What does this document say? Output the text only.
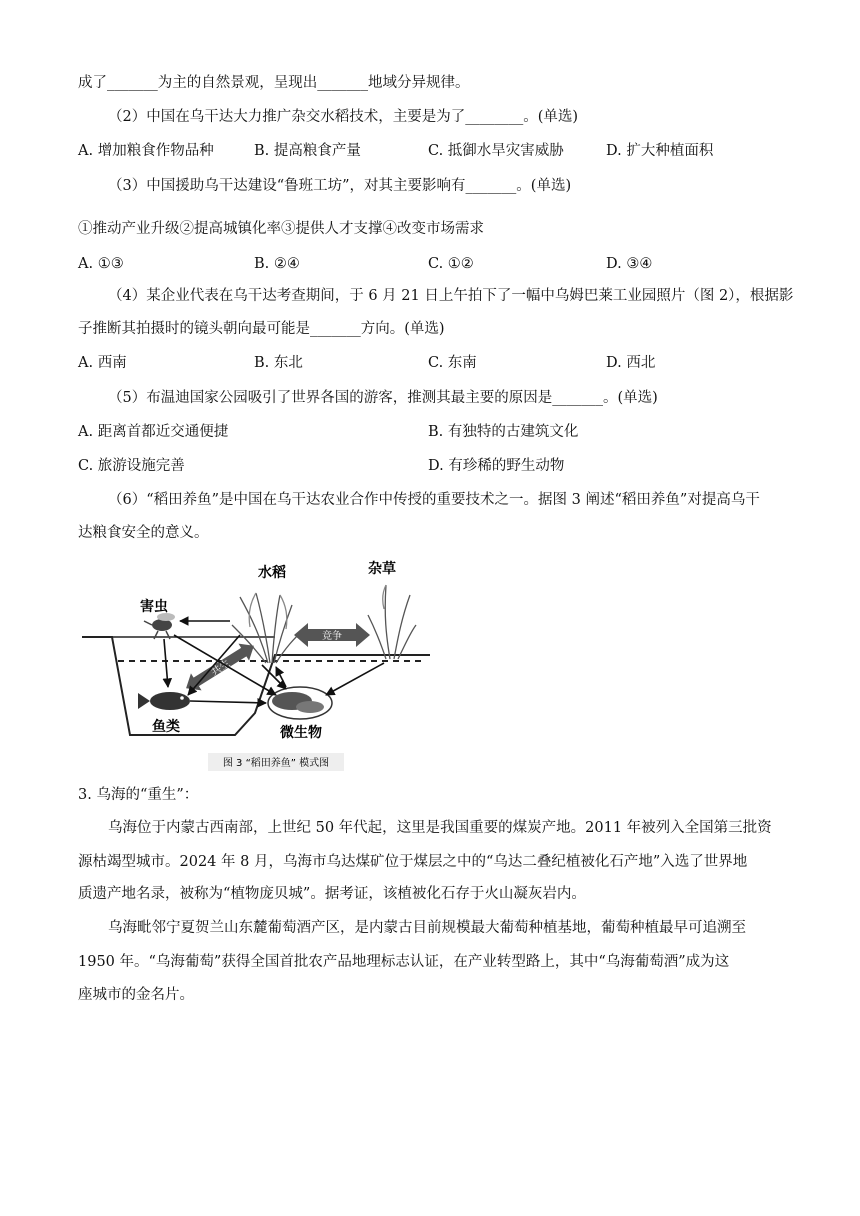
成了_______为主的自然景观，呈现出_______地域分异规律。
（2）中国在乌干达大力推广杂交水稻技术，主要是为了________。(单选)
A. 增加粮食作物品种	B. 提高粮食产量	C. 抵御水旱灾害威胁	D. 扩大种植面积
（3）中国援助乌干达建设“鲁班工坊”，对其主要影响有_______。(单选)
①推动产业升级②提高城镇化率③提供人才支撑④改变市场需求
A. ①③	B. ②④	C. ①②	D. ③④
（4）某企业代表在乌干达考查期间，于 6 月 21 日上午拍下了一幅中乌姆巴莱工业园照片（图 2），根据影
子推断其拍摄时的镜头朝向最可能是_______方向。(单选)
A. 西南	B. 东北	C. 东南	D. 西北
（5）布温迪国家公园吸引了世界各国的游客，推测其最主要的原因是_______。(单选)
A. 距离首都近交通便捷	B. 有独特的古建筑文化
C. 旅游设施完善	D. 有珍稀的野生动物
（6）“稻田养鱼”是中国在乌干达农业合作中传授的重要技术之一。据图 3 阐述“稻田养鱼”对提高乌干
达粮食安全的意义。
竞争
共生
水稻	杂草
害虫
鱼类	微生物
图 3 “稻田养鱼” 模式图
3. 乌海的“重生”：
乌海位于内蒙古西南部，上世纪 50 年代起，这里是我国重要的煤炭产地。2011 年被列入全国第三批资
源枯竭型城市。2024 年 8 月，乌海市乌达煤矿位于煤层之中的“乌达二叠纪植被化石产地”入选了世界地
质遗产地名录，被称为“植物庞贝城”。据考证，该植被化石存于火山凝灰岩内。
乌海毗邻宁夏贺兰山东麓葡萄酒产区，是内蒙古目前规模最大葡萄种植基地，葡萄种植最早可追溯至
1950 年。“乌海葡萄”获得全国首批农产品地理标志认证，在产业转型路上，其中“乌海葡萄酒”成为这
座城市的金名片。
